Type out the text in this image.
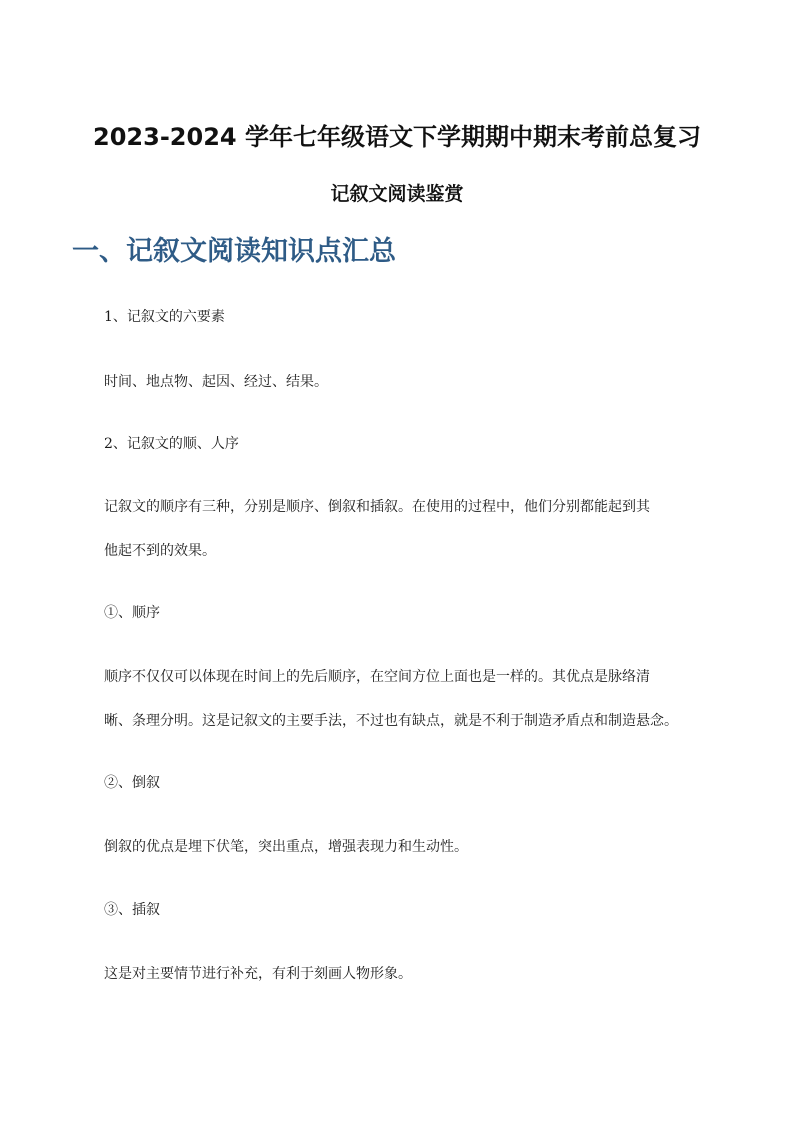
2023-2024 学年七年级语文下学期期中期末考前总复习
记叙文阅读鉴赏
一、记叙文阅读知识点汇总
1、记叙文的六要素
时间、地点物、起因、经过、结果。
2、记叙文的顺、人序
记叙文的顺序有三种，分别是顺序、倒叙和插叙。在使用的过程中，他们分别都能起到其
他起不到的效果。
①、顺序
顺序不仅仅可以体现在时间上的先后顺序，在空间方位上面也是一样的。其优点是脉络清
晰、条理分明。这是记叙文的主要手法，不过也有缺点，就是不利于制造矛盾点和制造悬念。
②、倒叙
倒叙的优点是埋下伏笔，突出重点，增强表现力和生动性。
③、插叙
这是对主要情节进行补充，有利于刻画人物形象。
